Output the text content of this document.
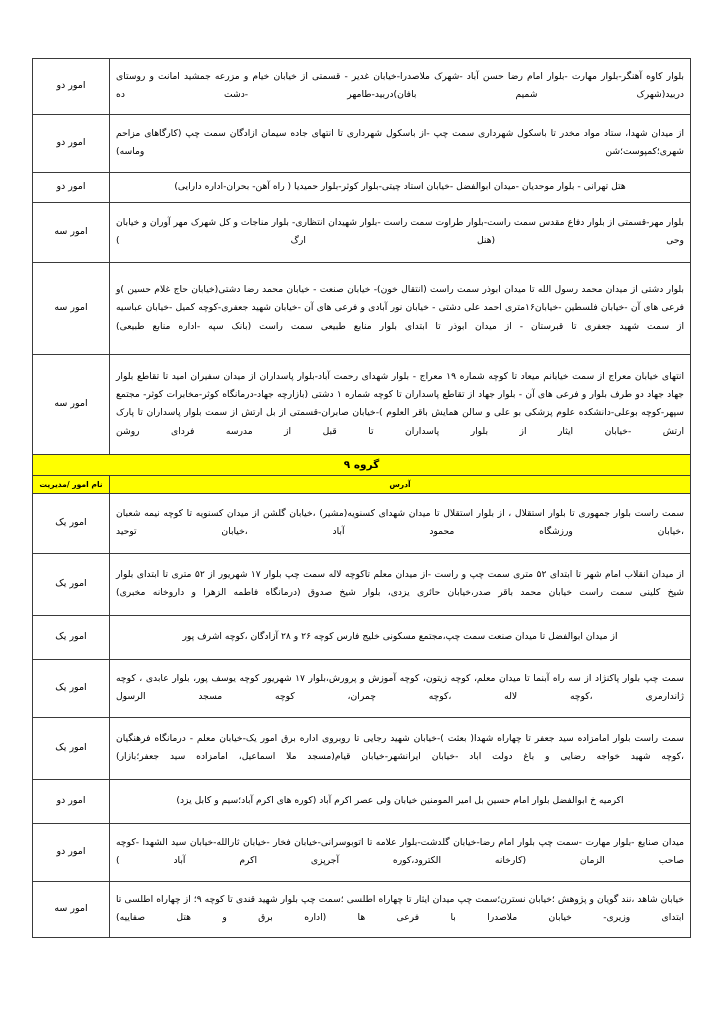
بلوار کاوه آهنگر-بلوار مهارت -بلوار امام رضا حسن آباد -شهرک ملاصدرا-خیابان غدیر - قسمتی از خیابان خیام و مزرعه جمشید امانت و روستای دربید(شهرک شمیم بافان)دربید-طامهر -دشت ده	امور دو
از میدان شهدا، ستاد مواد مخدر تا باسکول شهرداری سمت چپ -از باسکول شهرداری تا انتهای جاده سیمان ازادگان سمت چپ (کارگاهای مزاحم شهری؛کمپوست؛شن وماسه)	امور دو
هتل تهرانی - بلوار موحدیان -میدان ابوالفضل -خیابان استاد چیتی-بلوار کوثر-بلوار حمیدیا ( راه آهن- بحران-اداره دارایی)	امور دو
بلوار مهر-قسمتی از بلوار دفاع مقدس سمت راست-بلوار طراوت سمت راست -بلوار شهیدان انتظاری- بلوار مناجات و کل شهرک مهر آوران و خیابان وحی (هنل ارگ )	امور سه
بلوار دشتی از میدان محمد رسول الله تا میدان ابوذر سمت راست (انتقال خون)- خیابان صنعت - خیابان محمد رضا دشتی(خیابان حاج غلام حسین )و فرعی های آن -خیابان فلسطین -خیابان۱۶متری احمد علی دشتی - خیابان نور آبادی و فرعی های آن -خیابان شهید جعفری-کوچه کمیل -خیابان عباسیه از سمت شهید جعفری تا قبرستان - از میدان ابوذر تا ابتدای بلوار منابع طبیعی سمت راست (بانک سپه -اداره منابع طبیعی)	امور سه
انتهای خیابان معراج از سمت خیابانم میعاد تا کوچه شماره ۱۹ معراج - بلوار شهدای رحمت آباد-بلوار پاسداران از میدان سفیران امید تا تقاطع بلوار جهاد جهاد دو طرف بلوار و فرعی های آن - بلوار جهاد از تقاطع پاسداران تا کوچه شماره ۱ دشتی (بازارچه جهاد-درمانگاه کوثر-مخابرات کوثر- مجتمع سپهر-کوچه بوعلی-دانشکده علوم پزشکی بو علی و سالن همایش باقر العلوم )-خیابان صابران-قسمتی از بل ارتش از سمت بلوار پاسداران تا پارک ارتش -خیابان ایثار از بلوار پاسداران تا قبل از مدرسه فردای روشن	امور سه
گروه ۹	
آدرس	نام امور /مدیریت
سمت راست بلوار جمهوری تا بلوار استقلال ، از بلوار استقلال تا میدان شهدای کسنویه(مشیر) ،خیابان گلشن از میدان کسنویه تا کوچه نیمه شعبان ،خیابان ورزشگاه محمود آباد ،خیابان توحید	امور یک
از میدان انقلاب امام شهر تا ابتدای ۵۲ متری سمت چپ و راست -از میدان معلم تاکوچه لاله سمت چپ بلوار ۱۷ شهریور از ۵۲ متری تا ابتدای بلوار شیخ کلینی سمت راست خیابان محمد باقر صدر،خیابان حائری یزدی، بلوار شیخ صدوق (درمانگاه فاطمه الزهرا و داروخانه مخبری)	امور یک
از میدان ابوالفضل تا میدان صنعت سمت چپ،مجتمع مسکونی خلیج فارس کوچه ۲۶ و ۲۸ آزادگان ،کوچه اشرف پور	امور یک
سمت چپ بلوار پاکنژاد از سه راه آبنما تا میدان معلم، کوچه زیتون، کوچه آموزش و پرورش،بلوار ۱۷ شهریور کوچه یوسف پور، بلوار عابدی ، کوچه ژاندارمری ،کوچه لاله ،کوچه چمران، کوچه مسجد الرسول	امور یک
سمت راست بلوار امامزاده سید جعفر تا چهاراه شهدا( بعثت )-خیابان شهید رجایی تا روبروی اداره برق امور یک-خیابان معلم - درمانگاه فرهنگیان ،کوچه شهید خواجه رضایی و باغ دولت اباد -خیابان ایرانشهر-خیابان قیام(مسجد ملا اسماعیل، امامزاده سید جعفر؛بازار)	امور یک
اکرمیه خ ابوالفضل بلوار امام حسین بل امیر المومنین خیابان ولی عصر اکرم آباد (کوره های اکرم آباد؛سیم و کابل یزد)	امور دو
میدان صنایع -بلوار مهارت -سمت چپ بلوار امام رضا-خیابان گلدشت-بلوار علامه تا اتوبوسرانی-خیابان فخار -خیابان ثارالله-خیابان سید الشهدا -کوچه صاحب الزمان (کارخانه الکترود،کوره آجرپزی اکرم آباد )	امور دو
خیابان شاهد ،نند گویان و پژوهش ؛خیابان نسترن؛سمت چپ میدان ایثار تا چهاراه اطلسی ؛سمت چپ بلوار شهید قندی تا کوچه ۹؛ از چهاراه اطلسی تا ابتدای وزیری- خیابان ملاصدرا با فرعی ها (اداره برق و هتل صفاییه)	امور سه
